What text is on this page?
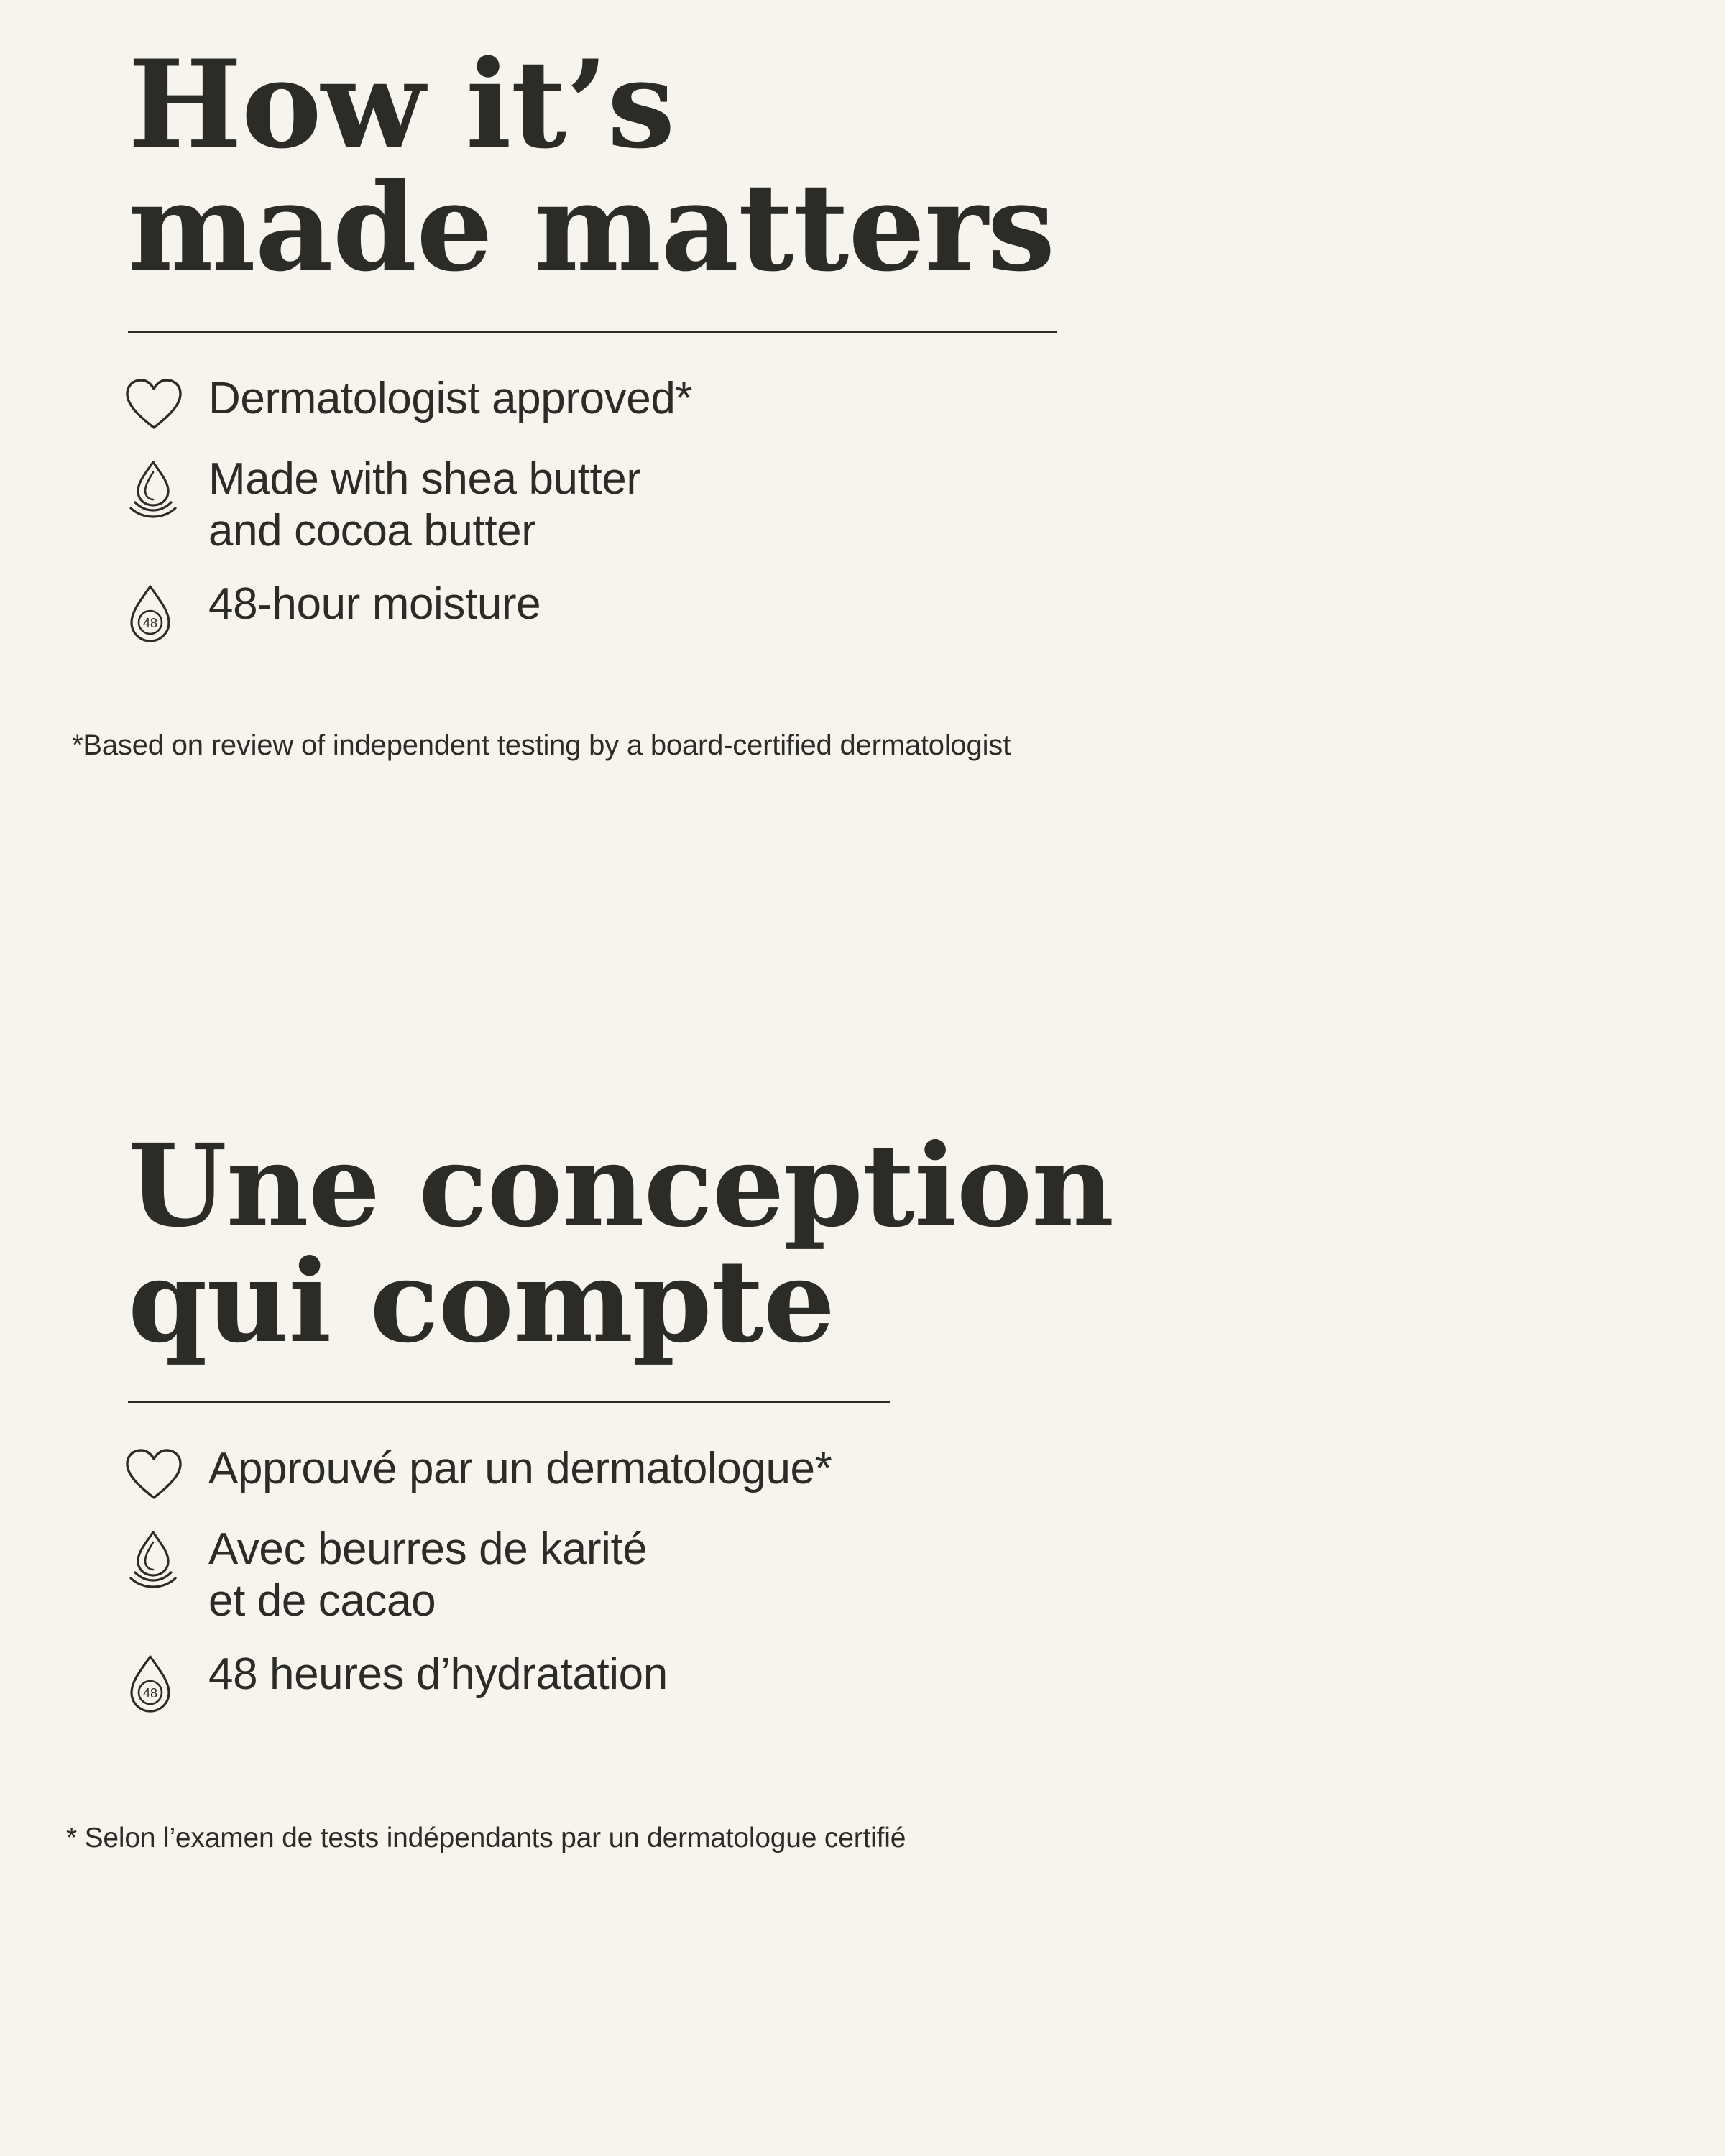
How it’s
made matters
Dermatologist approved*
Made with shea butter
and cocoa butter
48 48-hour moisture

*Based on review of independent testing by a board-certified dermatologist

Une conception
qui compte
Approuvé par un dermatologue*
Avec beurres de karité
et de cacao
48 48 heures d’hydratation

* Selon l’examen de tests indépendants par un dermatologue certifié
